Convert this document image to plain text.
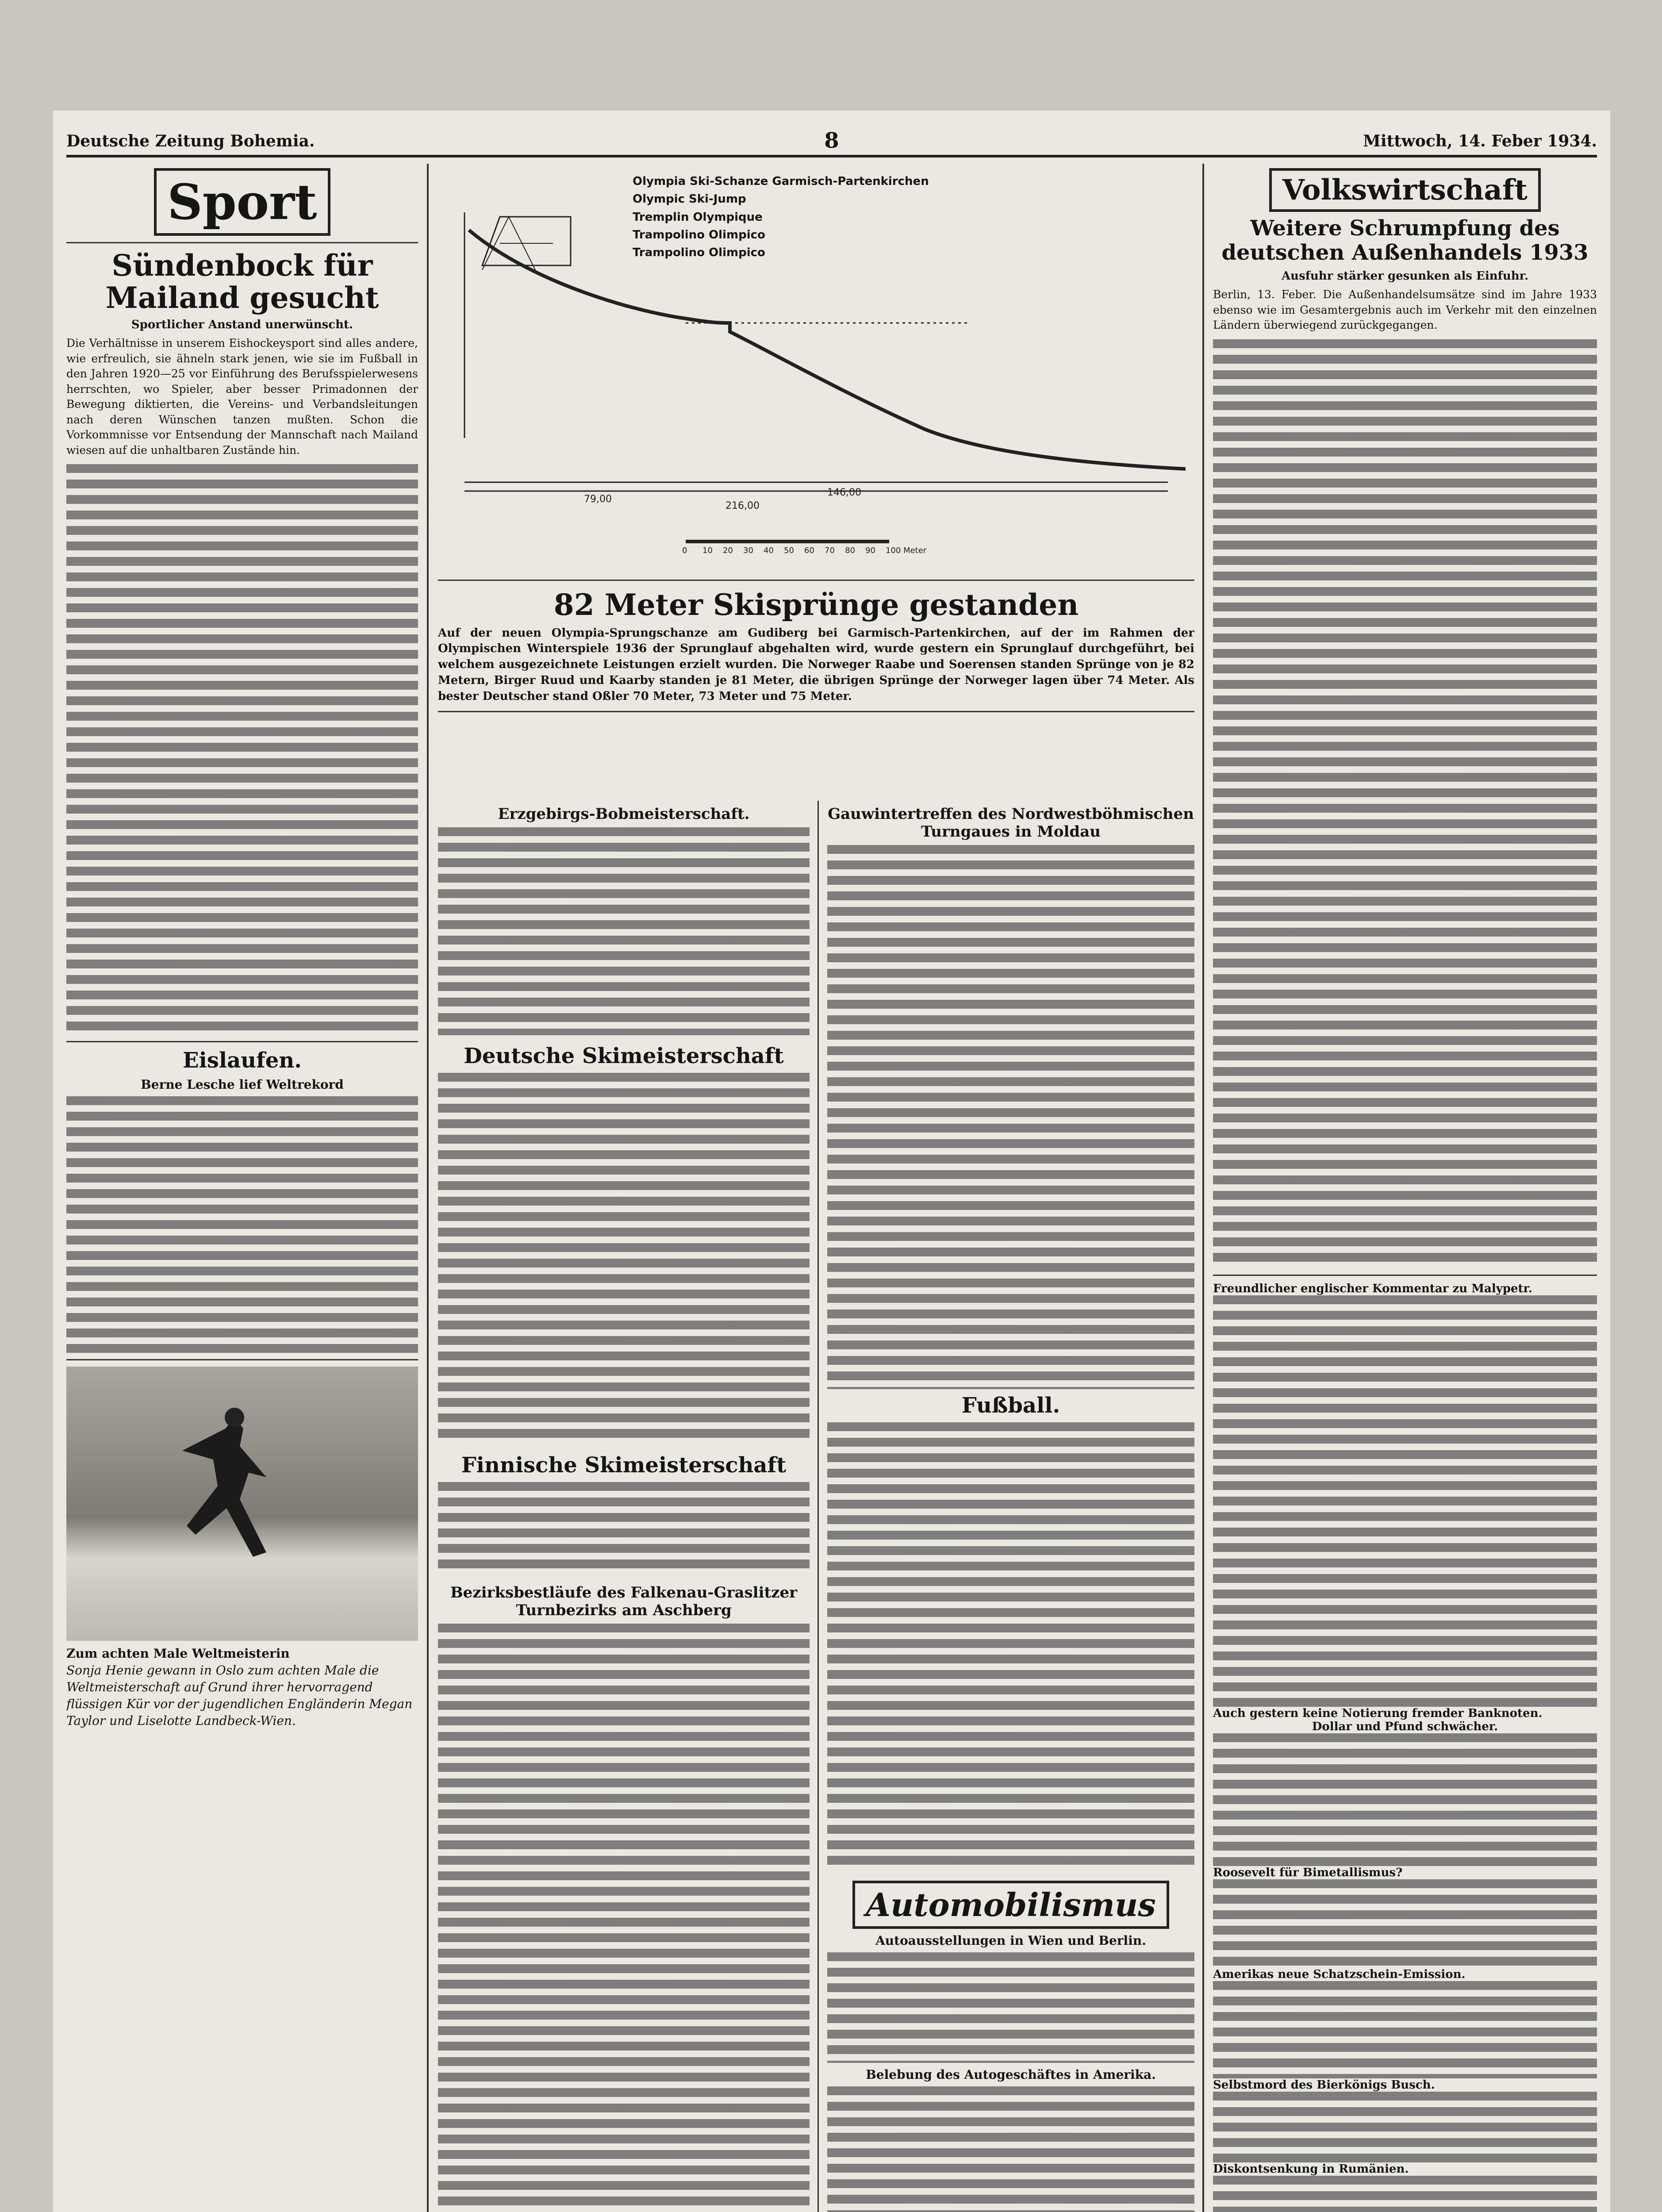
Deutsche Zeitung Bohemia.	8	Mittwoch, 14. Feber 1934.
Sport
Sündenbock für Mailand gesucht
Sportlicher Anstand unerwünscht.

Die Verhältnisse in unserem Eishockeysport sind alles andere, wie erfreulich, sie ähneln stark jenen, wie sie im Fußball in den Jahren 1920—25 vor Einführung des Berufsspielerwesens herrschten, wo Spieler, aber besser Primadonnen der Bewegung diktierten, die Vereins- und Verbandsleitungen nach deren Wünschen tanzen mußten. Schon die Vorkommnisse vor Entsendung der Mannschaft nach Mailand wiesen auf die unhaltbaren Zustände hin.

Eislaufen.
Berne Lesche lief Weltrekord
Zum achten Male Weltmeisterin
Sonja Henie gewann in Oslo zum achten Male die Weltmeisterschaft auf Grund ihrer hervorragend flüssigen Kür vor der jugendlichen Engländerin Megan Taylor und Liselotte Landbeck-Wien.
79,00
146,00
216,00
0 10 20 30 40 50 60 70 80 90 100 Meter
Olympia Ski-Schanze Garmisch-Partenkirchen
Olympic Ski-Jump
Tremplin Olympique
Trampolino Olimpico
Trampolino Olimpico
82 Meter Skisprünge gestanden

Auf der neuen Olympia-Sprungschanze am Gudiberg bei Garmisch-Partenkirchen, auf der im Rahmen der Olympischen Winterspiele 1936 der Sprunglauf abgehalten wird, wurde gestern ein Sprunglauf durchgeführt, bei welchem ausgezeichnete Leistungen erzielt wurden. Die Norweger Raabe und Soerensen standen Sprünge von je 82 Metern, Birger Ruud und Kaarby standen je 81 Meter, die übrigen Sprünge der Norweger lagen über 74 Meter. Als bester Deutscher stand Oßler 70 Meter, 73 Meter und 75 Meter.

Erzgebirgs-Bobmeisterschaft.
Deutsche Skimeisterschaft
Finnische Skimeisterschaft
Bezirksbestläufe des Falkenau-Graslitzer Turnbezirks am Aschberg
Gauwintertreffen des Nordwestböhmischen Turngaues in Moldau
Fußball.
Automobilismus
Autoausstellungen in Wien und Berlin.
Belebung des Autogeschäftes in Amerika.
Volkswirtschaft
Weitere Schrumpfung des deutschen Außenhandels 1933
Ausfuhr stärker gesunken als Einfuhr.

Berlin, 13. Feber. Die Außenhandelsumsätze sind im Jahre 1933 ebenso wie im Gesamtergebnis auch im Verkehr mit den einzelnen Ländern überwiegend zurückgegangen.

Freundlicher englischer Kommentar zu Malypetr.
Auch gestern keine Notierung fremder Banknoten.
Dollar und Pfund schwächer.
Roosevelt für Bimetallismus?
Amerikas neue Schatzschein-Emission.
Selbstmord des Bierkönigs Busch.
Diskontsenkung in Rumänien.
